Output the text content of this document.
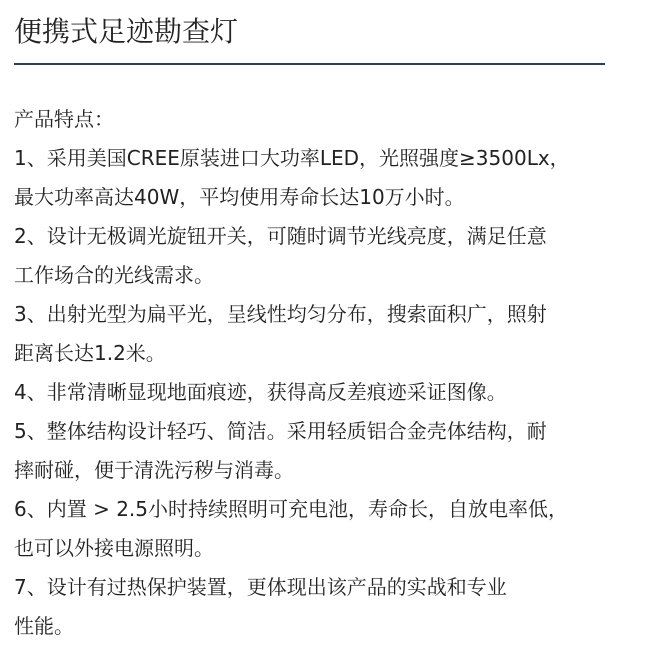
便携式足迹勘查灯
产品特点：
1、采用美国CREE原装进口大功率LED，光照强度≥3500Lx，
最大功率高达40W，平均使用寿命长达10万小时。
2、设计无极调光旋钮开关，可随时调节光线亮度，满足任意
工作场合的光线需求。
3、出射光型为扁平光，呈线性均匀分布，搜索面积广，照射
距离长达1.2米。
4、非常清晰显现地面痕迹，获得高反差痕迹采证图像。
5、整体结构设计轻巧、简洁。采用轻质铝合金壳体结构，耐
摔耐碰，便于清洗污秽与消毒。
6、内置 > 2.5小时持续照明可充电池，寿命长，自放电率低，
也可以外接电源照明。
7、设计有过热保护装置，更体现出该产品的实战和专业
性能。
